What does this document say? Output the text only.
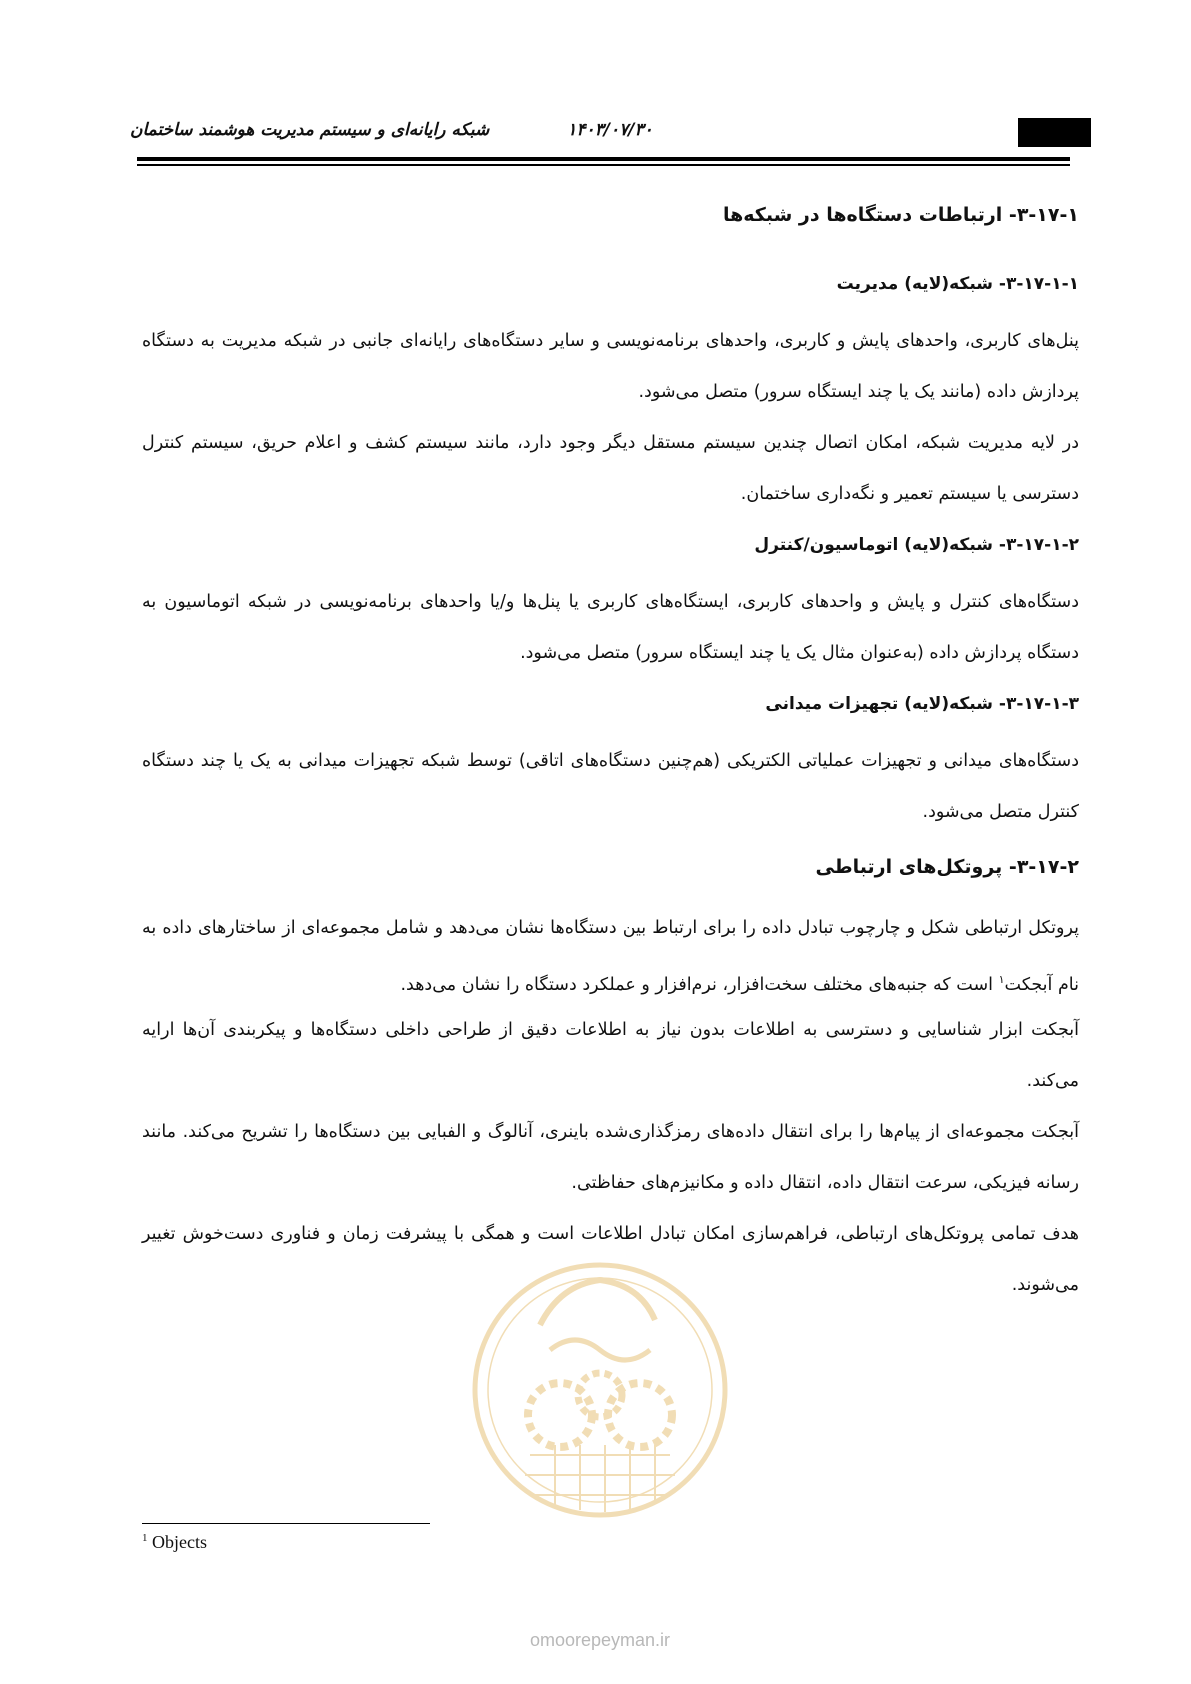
۱۴۰۳/۰۷/۳۰
شبکه رایانه‌ای و سیستم مدیریت هوشمند ساختمان
۳-۱۷-۱- ارتباطات دستگاه‌ها در شبکه‌ها
۳-۱۷-۱-۱- شبکه(لایه) مدیریت
پنل‌های کاربری، واحدهای پایش و کاربری، واحدهای برنامه‌نویسی و سایر دستگاه‌های رایانه‌ای جانبی در شبکه مدیریت به دستگاه پردازش داده (مانند یک یا چند ایستگاه سرور) متصل می‌شود.
در لایه مدیریت شبکه، امکان اتصال چندین سیستم مستقل دیگر وجود دارد، مانند سیستم کشف و اعلام حریق، سیستم کنترل دسترسی یا سیستم تعمیر و نگه‌داری ساختمان.
۳-۱۷-۱-۲- شبکه(لایه) اتوماسیون/کنترل
دستگاه‌های کنترل و پایش و واحدهای کاربری، ایستگاه‌های کاربری یا پنل‌ها و/یا واحدهای برنامه‌نویسی در شبکه اتوماسیون به دستگاه پردازش داده (به‌عنوان مثال یک یا چند ایستگاه سرور) متصل می‌شود.
۳-۱۷-۱-۳- شبکه(لایه) تجهیزات میدانی
دستگاه‌های میدانی و تجهیزات عملیاتی الکتریکی (هم‌چنین دستگاه‌های اتاقی) توسط شبکه تجهیزات میدانی به یک یا چند دستگاه کنترل متصل می‌شود.
۳-۱۷-۲- پروتکل‌های ارتباطی
پروتکل ارتباطی شکل و چارچوب تبادل داده را برای ارتباط بین دستگاه‌ها نشان می‌دهد و شامل مجموعه‌ای از ساختارهای داده به نام آبجکت$^۱$ است که جنبه‌های مختلف سخت‌افزار، نرم‌افزار و عملکرد دستگاه را نشان می‌دهد.
آبجکت ابزار شناسایی و دسترسی به اطلاعات بدون نیاز به اطلاعات دقیق از طراحی داخلی دستگاه‌ها و پیکربندی آن‌ها ارایه می‌کند.
آبجکت مجموعه‌ای از پیام‌ها را برای انتقال داده‌های رمزگذاری‌شده باینری، آنالوگ و الفبایی بین دستگاه‌ها را تشریح می‌کند. مانند رسانه فیزیکی، سرعت انتقال داده، انتقال داده و مکانیزم‌های حفاظتی.
هدف تمامی پروتکل‌های ارتباطی، فراهم‌سازی امکان تبادل اطلاعات است و همگی با پیشرفت زمان و فناوری دست‌خوش تغییر می‌شوند.
omoorepeyman.ir
$^1$ Objects
